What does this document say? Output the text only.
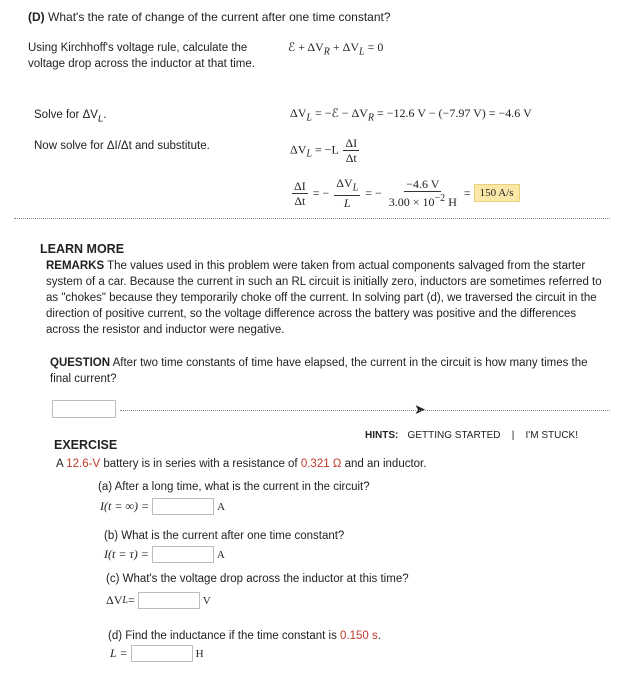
(D) What's the rate of change of the current after one time constant?
Using Kirchhoff's voltage rule, calculate the voltage drop across the inductor at that time.
ℰ + $\Delta V_R + \Delta V_L = 0$
Solve for $\Delta V_L$.	$\Delta V_L$ = −ℰ − $\Delta V_R = -12.6$ V − (−7.97 V) = −4.6 V
Now solve for ΔI/Δt and substitute.	$\Delta V_L = -L \frac{\Delta I}{\Delta t}$
$\frac{\Delta I}{\Delta t}$ = − $\frac{\Delta V_L}{L}$ = − $\frac{-4.6 V}{3.00 \times 10^{-2} H} = 150$ A/s
LEARN MORE
REMARKS The values used in this problem were taken from actual components salvaged from the starter system of a car. Because the current in such an RL circuit is initially zero, inductors are sometimes referred to as "chokes" because they temporarily choke off the current. In solving part (d), we traversed the circuit in the direction of positive current, so the voltage difference across the battery was positive and the differences across the resistor and inductor were negative.
QUESTION After two time constants of time have elapsed, the current in the circuit is how many times the final current?
➤
EXERCISE
HINTS: GETTING STARTED | I'M STUCK!
A 12.6-V battery is in series with a resistance of 0.321 Ω and an inductor.
(a) After a long time, what is the current in the circuit?
I(t = ∞) =	A
(b) What is the current after one time constant?
I(t = τ) =	A
(c) What's the voltage drop across the inductor at this time?
ΔV L =	V
(d) Find the inductance if the time constant is 0.150 s.
L =	H
